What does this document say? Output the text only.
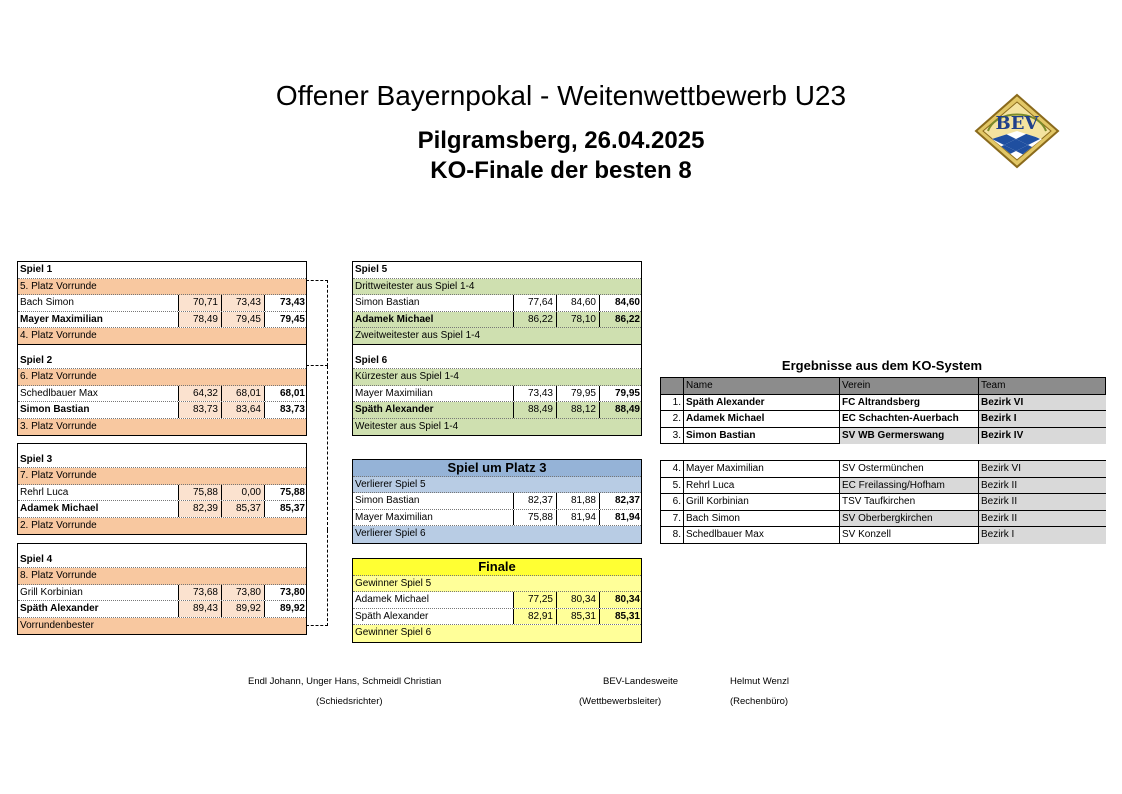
Offener Bayernpokal - Weitenwettbewerb U23
Pilgramsberg, 26.04.2025
KO-Finale der besten 8
BEV
Spiel 1
5. Platz Vorrunde
Bach Simon	70,71	73,43	73,43
Mayer Maximilian	78,49	79,45	79,45
4. Platz Vorrunde
Spiel 2
6. Platz Vorrunde
Schedlbauer Max	64,32	68,01	68,01
Simon Bastian	83,73	83,64	83,73
3. Platz Vorrunde
Spiel 3
7. Platz Vorrunde
Rehrl Luca	75,88	0,00	75,88
Adamek Michael	82,39	85,37	85,37
2. Platz Vorrunde
Spiel 4
8. Platz Vorrunde
Grill Korbinian	73,68	73,80	73,80
Späth Alexander	89,43	89,92	89,92
Vorrundenbester
Spiel 5
Drittweitester aus Spiel 1-4
Simon Bastian	77,64	84,60	84,60
Adamek Michael	86,22	78,10	86,22
Zweitweitester aus Spiel 1-4
Spiel 6
Kürzester aus Spiel 1-4
Mayer Maximilian	73,43	79,95	79,95
Späth Alexander	88,49	88,12	88,49
Weitester aus Spiel 1-4
Spiel um Platz 3
Verlierer Spiel 5
Simon Bastian	82,37	81,88	82,37
Mayer Maximilian	75,88	81,94	81,94
Verlierer Spiel 6
Finale
Gewinner Spiel 5
Adamek Michael	77,25	80,34	80,34
Späth Alexander	82,91	85,31	85,31
Gewinner Spiel 6
Ergebnisse aus dem KO-System
Name	Verein	Team
1. Späth Alexander	FC Altrandsberg	Bezirk VI
2. Adamek Michael	EC Schachten-Auerbach	Bezirk I
3. Simon Bastian	SV WB Germerswang	Bezirk IV
4. Mayer Maximilian	SV Ostermünchen	Bezirk VI
5. Rehrl Luca	EC Freilassing/Hofham	Bezirk II
6. Grill Korbinian	TSV Taufkirchen	Bezirk II
7. Bach Simon	SV Oberbergkirchen	Bezirk II
8. Schedlbauer Max	SV Konzell	Bezirk I
Endl Johann, Unger Hans, Schmeidl Christian
(Schiedsrichter)
BEV-Landesweite
(Wettbewerbsleiter)
Helmut Wenzl
(Rechenbüro)
